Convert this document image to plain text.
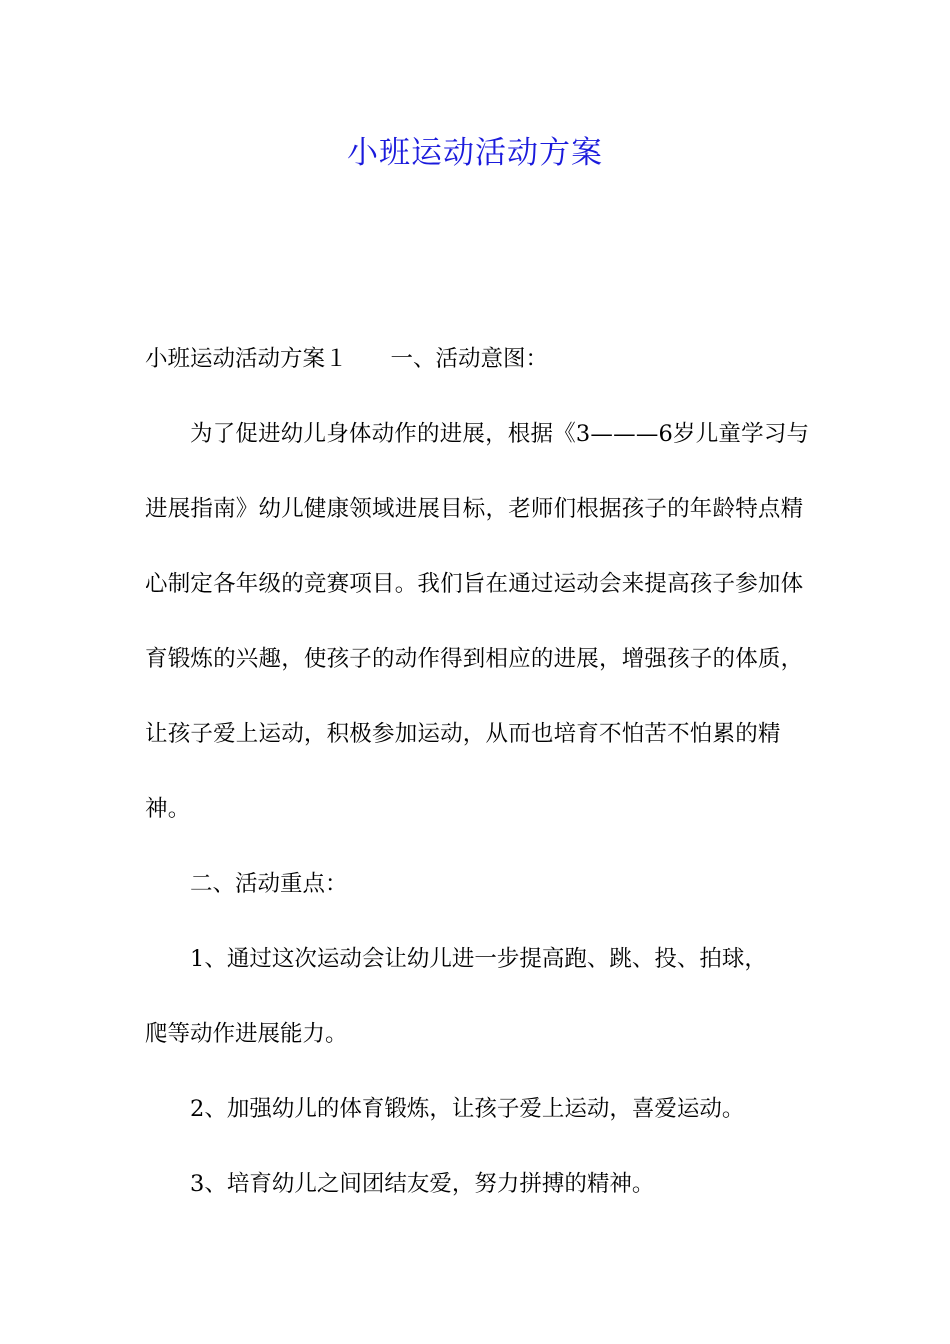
小班运动活动方案

小班运动活动方案１ 一、活动意图：

为了促进幼儿身体动作的进展，根据《3———6岁儿童学习与进展指南》幼儿健康领域进展目标，老师们根据孩子的年龄特点精心制定各年级的竞赛项目。我们旨在通过运动会来提高孩子参加体育锻炼的兴趣，使孩子的动作得到相应的进展，增强孩子的体质，让孩子爱上运动，积极参加运动，从而也培育不怕苦不怕累的精神。

二、活动重点：

1、通过这次运动会让幼儿进一步提高跑、跳、投、拍球，

爬等动作进展能力。

2、加强幼儿的体育锻炼，让孩子爱上运动，喜爱运动。

3、培育幼儿之间团结友爱，努力拼搏的精神。
